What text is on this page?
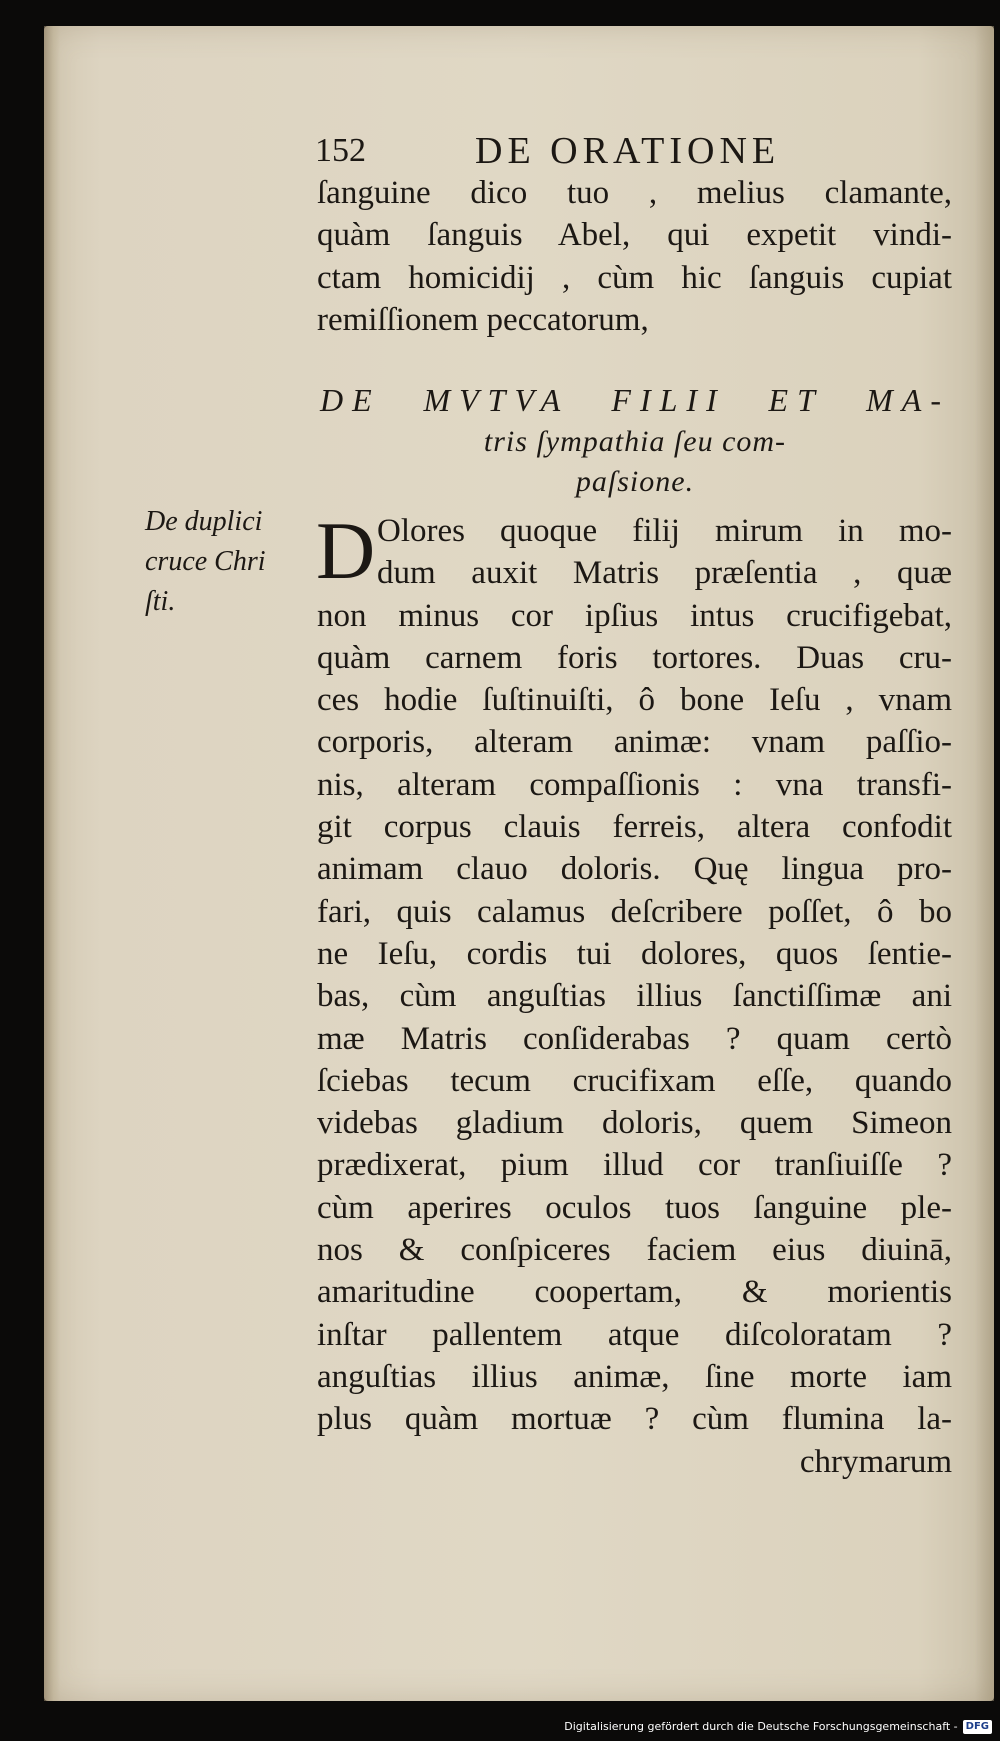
152	DE ORATIONE
ſanguine dico tuo , melius clamante,
quàm ſanguis Abel, qui expetit vindi-
ctam homicidij , cùm hic ſanguis cupiat
remiſſionem peccatorum,
DE MVTVA FILII ET MA-
tris ſympathia ſeu com-
paſsione.
De duplici
cruce Chri
ſti.
D Olores quoque filij mirum in mo-
dum auxit Matris præſentia , quæ
non minus cor ipſius intus crucifigebat,
quàm carnem foris tortores. Duas cru-
ces hodie ſuſtinuiſti, ô bone Ieſu , vnam
corporis, alteram animæ: vnam paſſio-
nis, alteram compaſſionis : vna transfi-
git corpus clauis ferreis, altera confodit
animam clauo doloris. Quę lingua pro-
fari, quis calamus deſcribere poſſet, ô bo
ne Ieſu, cordis tui dolores, quos ſentie-
bas, cùm anguſtias illius ſanctiſſimæ ani
mæ Matris conſiderabas ? quam certò
ſciebas tecum crucifixam eſſe, quando
videbas gladium doloris, quem Simeon
prædixerat, pium illud cor tranſiuiſſe ?
cùm aperires oculos tuos ſanguine ple-
nos & conſpiceres faciem eius diuinā,
amaritudine coopertam, & morientis
inſtar pallentem atque diſcoloratam ?
anguſtias illius animæ, ſine morte iam
plus quàm mortuæ ? cùm flumina la-
chrymarum
Digitalisierung gefördert durch die Deutsche Forschungsgemeinschaft - DFG
